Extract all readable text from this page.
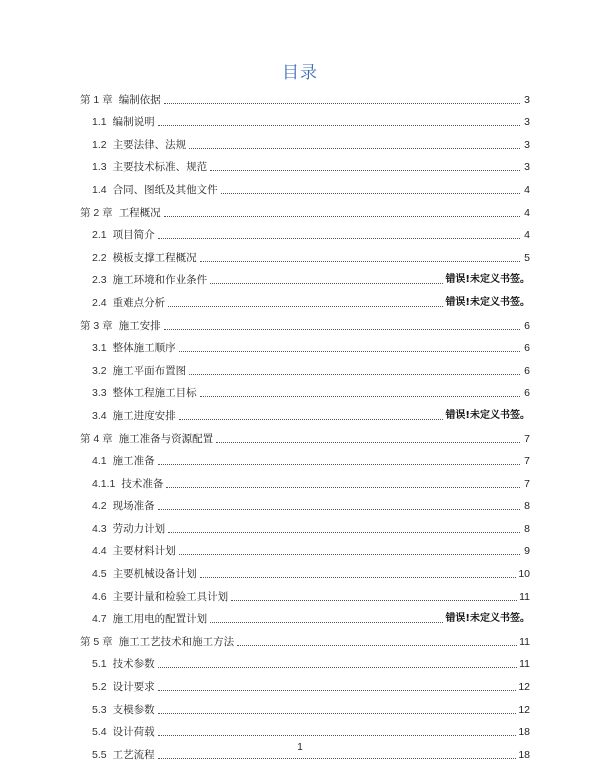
目录
第 1 章 编制依据	3
1.1 编制说明	3
1.2 主要法律、法规	3
1.3 主要技术标准、规范	3
1.4 合同、图纸及其他文件	4
第 2 章 工程概况	4
2.1 项目简介	4
2.2 模板支撑工程概况	5
2.3 施工环境和作业条件	错误!未定义书签。
2.4 重难点分析	错误!未定义书签。
第 3 章 施工安排	6
3.1 整体施工顺序	6
3.2 施工平面布置图	6
3.3 整体工程施工目标	6
3.4 施工进度安排	错误!未定义书签。
第 4 章 施工准备与资源配置	7
4.1 施工准备	7
4.1.1 技术准备	7
4.2 现场准备	8
4.3 劳动力计划	8
4.4 主要材料计划	9
4.5 主要机械设备计划	10
4.6 主要计量和检验工具计划	11
4.7 施工用电的配置计划	错误!未定义书签。
第 5 章 施工工艺技术和施工方法	11
5.1 技术参数	11
5.2 设计要求	12
5.3 支模参数	12
5.4 设计荷载	18
5.5 工艺流程	18
1
